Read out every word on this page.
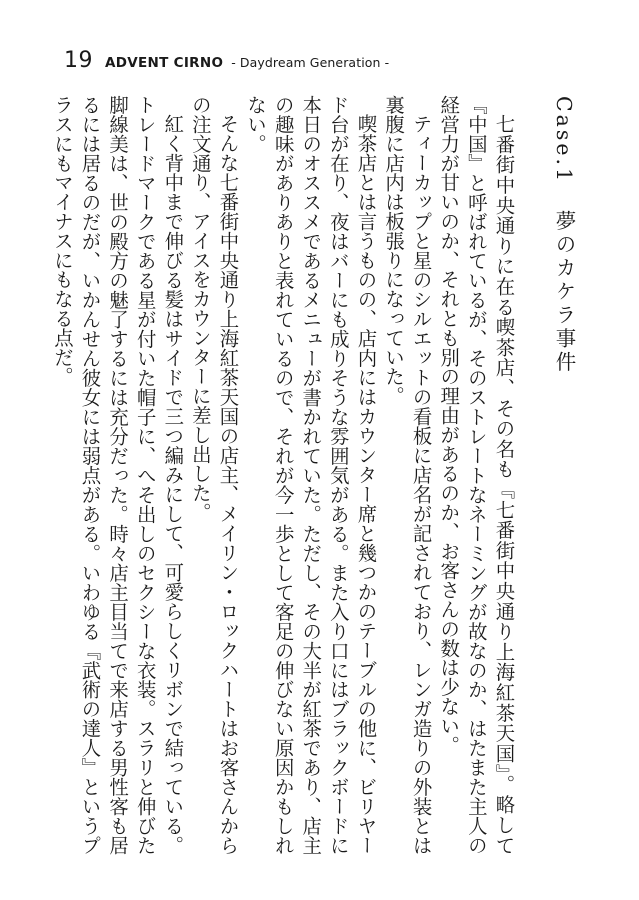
19 ADVENT CIRNO - Daydream Generation -
Case.1夢のカケラ事件

七番街中央通りに在る喫茶店、その名も『七番街中央通り上海紅茶天国』。略して『中国』と呼ばれているが、そのストレートなネーミングが故なのか、はたまた主人の経営力が甘いのか、それとも別の理由があるのか、お客さんの数は少ない。

ティーカップと星のシルエットの看板に店名が記されており、レンガ造りの外装とは裏腹に店内は板張りになっていた。

喫茶店とは言うものの、店内にはカウンター席と幾つかのテーブルの他に、ビリヤード台が在り、夜はバーにも成りそうな雰囲気がある。また入り口にはブラックボードに本日のオススメであるメニューが書かれていた。ただし、その大半が紅茶であり、店主の趣味がありありと表れているので、それが今一歩として客足の伸びない原因かもしれない。

そんな七番街中央通り上海紅茶天国の店主、メイリン・ロックハートはお客さんからの注文通り、アイスをカウンターに差し出した。

紅く背中まで伸びる髪はサイドで三つ編みにして、可愛らしくリボンで結っている。トレードマークである星が付いた帽子に、へそ出しのセクシーな衣装。スラリと伸びた脚線美は、世の殿方の魅了するには充分だった。時々店主目当てで来店する男性客も居るには居るのだが、いかんせん彼女には弱点がある。いわゆる『武術の達人』というプラスにもマイナスにもなる点だ。
